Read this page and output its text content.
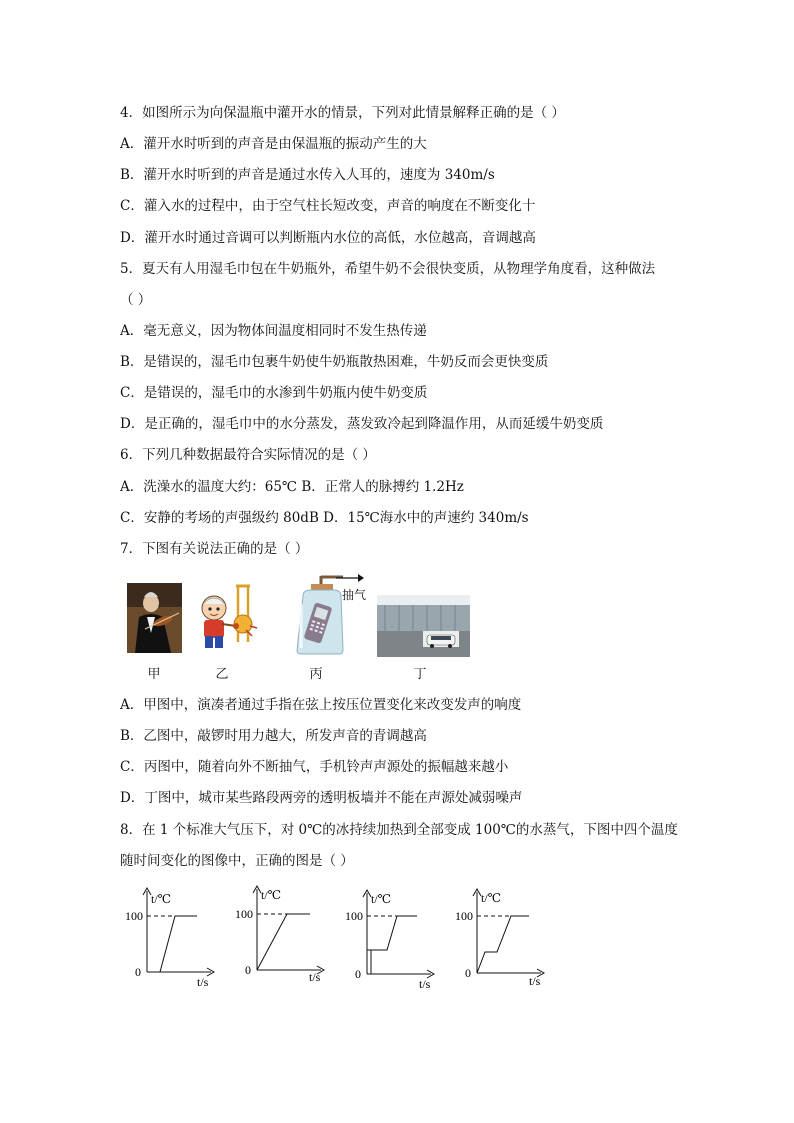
4．如图所示为向保温瓶中灌开水的情景，下列对此情景解释正确的是（ ）
A．灌开水时听到的声音是由保温瓶的振动产生的大
B．灌开水时听到的声音是通过水传入人耳的，速度为 340m/s
C．灌入水的过程中，由于空气柱长短改变，声音的响度在不断变化十
D．灌开水时通过音调可以判断瓶内水位的高低，水位越高，音调越高
5．夏天有人用湿毛巾包在牛奶瓶外，希望牛奶不会很快变质，从物理学角度看，这种做法
（ ）
A．毫无意义，因为物体间温度相同时不发生热传递
B．是错误的，湿毛巾包裹牛奶使牛奶瓶散热困难，牛奶反而会更快变质
C．是错误的，湿毛巾的水渗到牛奶瓶内使牛奶变质
D．是正确的，湿毛巾中的水分蒸发，蒸发致冷起到降温作用，从而延缓牛奶变质
6．下列几种数据最符合实际情况的是（ ）
A．洗澡水的温度大约：65℃ B．正常人的脉搏约 1.2Hz
C．安静的考场的声强级约 80dB D．15℃海水中的声速约 340m/s
7．下图有关说法正确的是（ ）
抽气
甲	乙	丙	丁
A．甲图中，演凑者通过手指在弦上按压位置变化来改变发声的响度
B．乙图中，敲锣时用力越大，所发声音的青调越高
C．丙图中，随着向外不断抽气，手机铃声声源处的振幅越来越小
D．丁图中，城市某些路段两旁的透明板墙并不能在声源处减弱噪声
8．在 1 个标准大气压下，对 0℃的冰持续加热到全部变成 100℃的水蒸气，下图中四个温度
随时间变化的图像中，正确的图是（ ）
t/℃
100
0
t/s
t/℃
100
0	t/s
t/℃
100
0
t/s
t/℃
100
0
t/s
